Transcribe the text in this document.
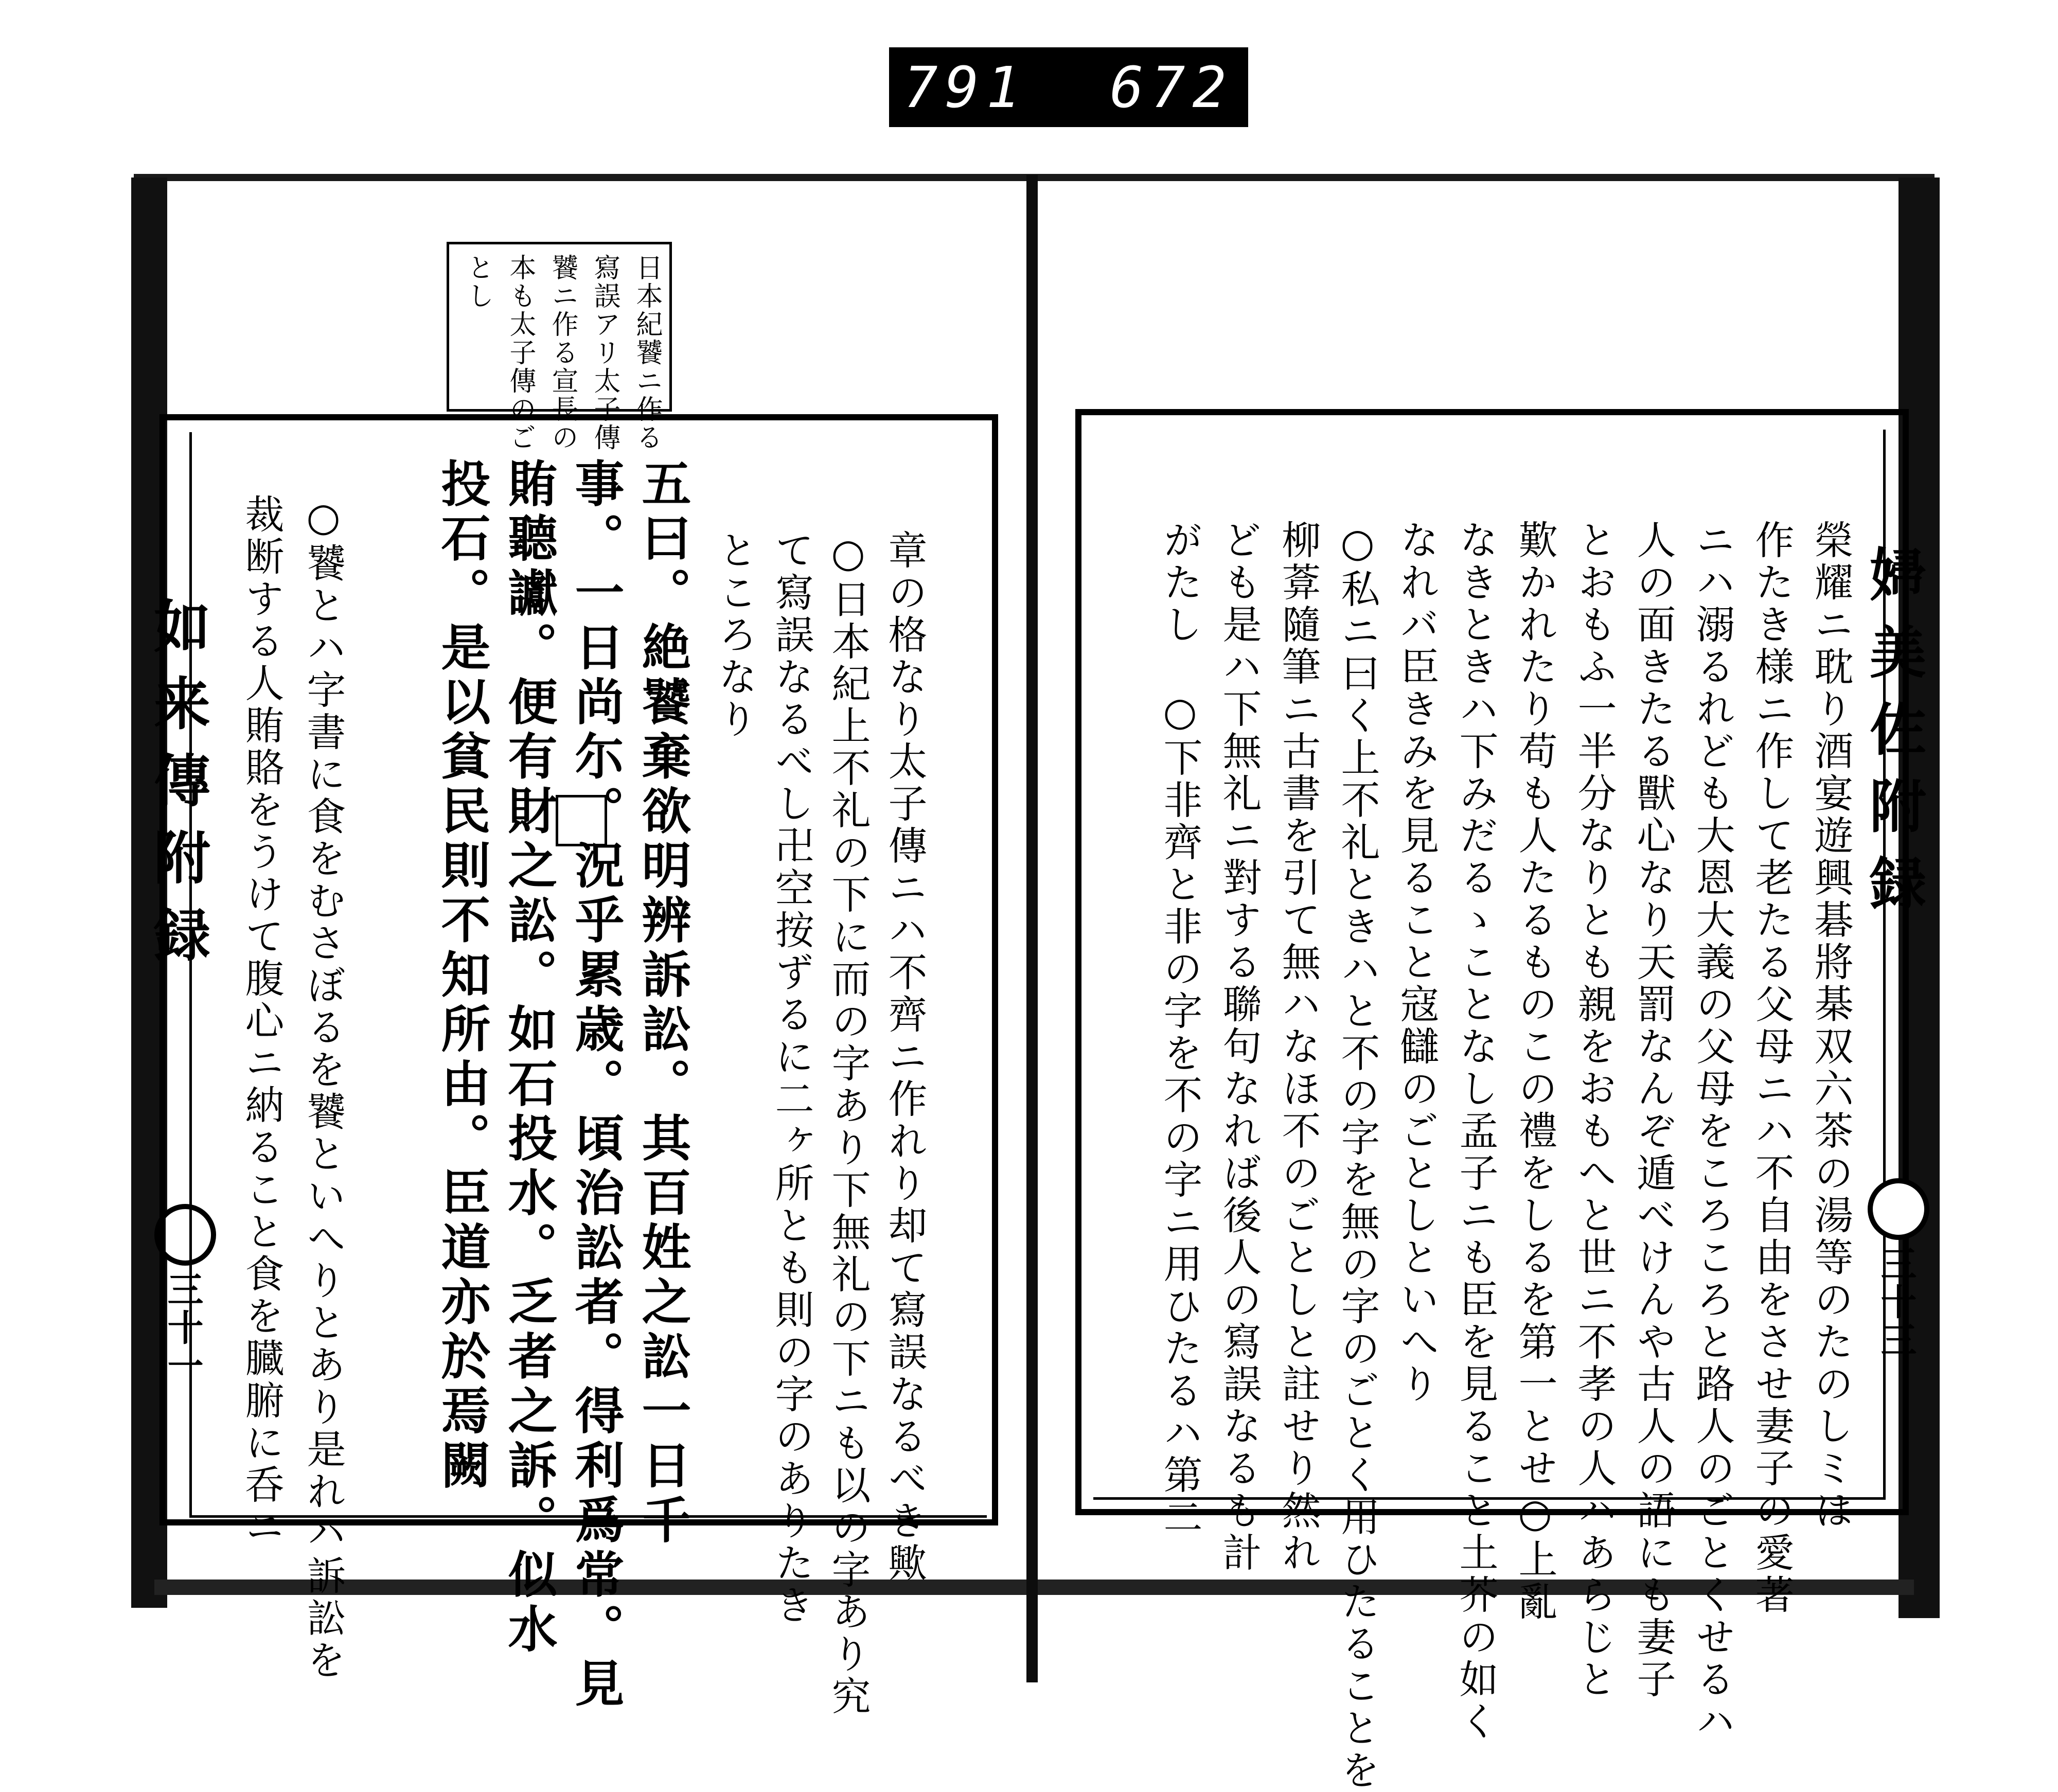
791 672
如来傳附録
三十一
日本紀饕ニ作る
寫誤アリ太子傳
饕ニ作る宣長の
本も太子傳のご
とし
章の格なり太子傳ニハ不齊ニ作れり却て寫誤なるべき歟
○日本紀上不礼の下に而の字あり下無礼の下ニも以の字あり究
て寫誤なるべし卍空按ずるに二ヶ所とも則の字のありたき
ところなり
五曰。絶饕棄欲明辨訴訟。其百姓之訟一日千
事。一日尚尓。況乎累歳。頃治訟者。得利爲常。見
賄聽讞。便有財之訟。如石投水。乏者之訴。似水
投石。是以貧民則不知所由。臣道亦於焉闕
○饕とハ字書に食をむさぼるを饕といへりとあり是れハ訴訟を
裁断する人賄賂をうけて腹心ニ納ること食を臓腑に呑ニ	婦美佐附録
三十三
榮耀ニ耽り酒宴遊興碁將棊双六茶の湯等のたのしミは
作たき様ニ作して老たる父母ニハ不自由をさせ妻子の愛著
ニハ溺るれども大恩大義の父母をころころと路人のごとくせるハ
人の面きたる獸心なり天罰なんぞ遁べけんや古人の語にも妻子
とおもふ一半分なりとも親をおもへと世ニ不孝の人ハあらじと
歎かれたり苟も人たるものこの禮をしるを第一とせ○上亂
なきときハ下みだるゝことなし孟子ニも臣を見ること土芥の如く
なれバ臣きみを見ること寇讎のごとしといへり
○私ニ曰く上不礼ときハと不の字を無の字のごとく用ひたることを
柳葊隨筆ニ古書を引て無ハなほ不のごとしと註せり然れ
ども是ハ下無礼ニ對する聯句なれば後人の寫誤なるも計
がたし　○下非齊と非の字を不の字ニ用ひたるハ第二
